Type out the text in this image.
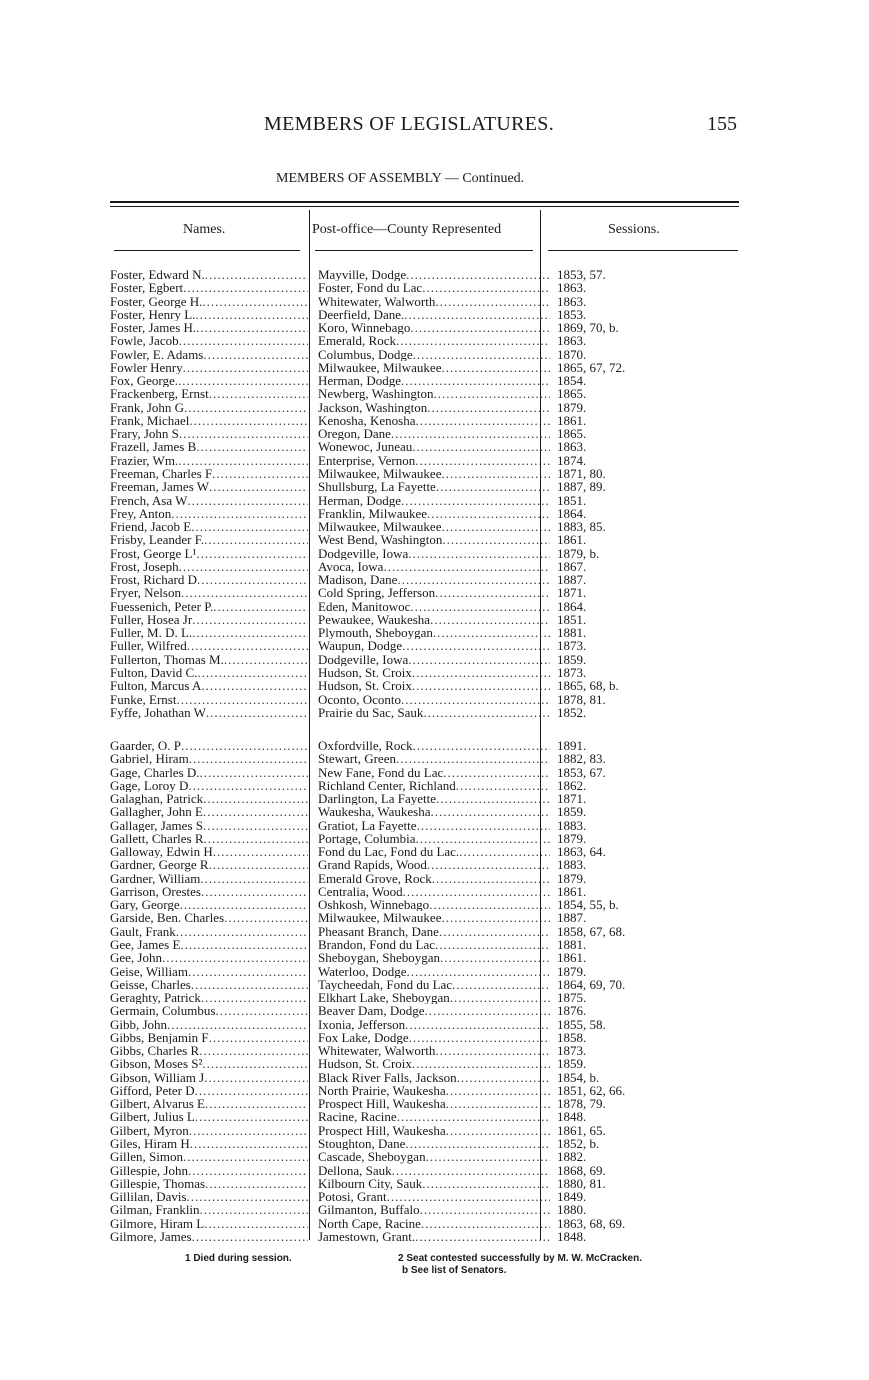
MEMBERS OF LEGISLATURES.	155
MEMBERS OF ASSEMBLY — Continued.
Names.	Post-office—County Represented	Sessions.
Foster, Edward N. .....	Mayville, Dodge .....	1853, 57.
Foster, Egbert .....	Foster, Fond du Lac .....	1863.
Foster, George H. .....	Whitewater, Walworth .....	1863.
Foster, Henry L. .....	Deerfield, Dane. .....	1853.
Foster, James H. .....	Koro, Winnebago .....	1869, 70, b.
Fowle, Jacob .....	Emerald, Rock .....	1863.
Fowler, E. Adams .....	Columbus, Dodge .....	1870.
Fowler Henry .....	Milwaukee, Milwaukee .....	1865, 67, 72.
Fox, George. .....	Herman, Dodge .....	1854.
Frackenberg, Ernst .....	Newberg, Washington .....	1865.
Frank, John G .....	Jackson, Washington .....	1879.
Frank, Michael .....	Kenosha, Kenosha .....	1861.
Frary, John S .....	Oregon, Dane .....	1865.
Frazell, James B .....	Wonewoc, Juneau .....	1863.
Frazier, Wm. .....	Enterprise, Vernon .....	1874.
Freeman, Charles F .....	Milwaukee, Milwaukee .....	1871, 80.
Freeman, James W .....	Shullsburg, La Fayette .....	1887, 89.
French, Asa W .....	Herman, Dodge .....	1851.
Frey, Anton .....	Franklin, Milwaukee .....	1864.
Friend, Jacob E .....	Milwaukee, Milwaukee .....	1883, 85.
Frisby, Leander F. .....	West Bend, Washington .....	1861.
Frost, George L¹ .....	Dodgeville, Iowa .....	1879, b.
Frost, Joseph .....	Avoca, Iowa .....	1867.
Frost, Richard D .....	Madison, Dane .....	1887.
Fryer, Nelson .....	Cold Spring, Jefferson .....	1871.
Fuessenich, Peter P. .....	Eden, Manitowoc .....	1864.
Fuller, Hosea Jr .....	Pewaukee, Waukesha .....	1851.
Fuller, M. D. L. .....	Plymouth, Sheboygan .....	1881.
Fuller, Wilfred .....	Waupun, Dodge .....	1873.
Fullerton, Thomas M. .....	Dodgeville, Iowa .....	1859.
Fulton, David C. .....	Hudson, St. Croix .....	1873.
Fulton, Marcus A .....	Hudson, St. Croix .....	1865, 68, b.
Funke, Ernst .....	Oconto, Oconto .....	1878, 81.
Fyffe, Johathan W .....	Prairie du Sac, Sauk .....	1852.
Gaarder, O. P .....	Oxfordville, Rock .....	1891.
Gabriel, Hiram .....	Stewart, Green .....	1882, 83.
Gage, Charles D. .....	New Fane, Fond du Lac .....	1853, 67.
Gage, Loroy D .....	Richland Center, Richland .....	1862.
Galaghan, Patrick .....	Darlington, La Fayette .....	1871.
Gallagher, John E .....	Waukesha, Waukesha .....	1859.
Gallager, James S .....	Gratiot, La Fayette .....	1883.
Gallett, Charles R .....	Portage, Columbia .....	1879.
Galloway, Edwin H .....	Fond du Lac, Fond du Lac. .....	1863, 64.
Gardner, George R .....	Grand Rapids, Wood .....	1883.
Gardner, William .....	Emerald Grove, Rock .....	1879.
Garrison, Orestes .....	Centralia, Wood .....	1861.
Gary, George .....	Oshkosh, Winnebago .....	1854, 55, b.
Garside, Ben. Charles .....	Milwaukee, Milwaukee .....	1887.
Gault, Frank .....	Pheasant Branch, Dane .....	1858, 67, 68.
Gee, James E .....	Brandon, Fond du Lac .....	1881.
Gee, John .....	Sheboygan, Sheboygan .....	1861.
Geise, William .....	Waterloo, Dodge .....	1879.
Geisse, Charles .....	Taycheedah, Fond du Lac .....	1864, 69, 70.
Geraghty, Patrick .....	Elkhart Lake, Sheboygan .....	1875.
Germain, Columbus .....	Beaver Dam, Dodge .....	1876.
Gibb, John .....	Ixonia, Jefferson .....	1855, 58.
Gibbs, Benjamin F .....	Fox Lake, Dodge .....	1858.
Gibbs, Charles R .....	Whitewater, Walworth .....	1873.
Gibson, Moses S² .....	Hudson, St. Croix .....	1859.
Gibson, William J .....	Black River Falls, Jackson .....	1854, b.
Gifford, Peter D .....	North Prairie, Waukesha .....	1851, 62, 66.
Gilbert, Alvarus E .....	Prospect Hill, Waukesha .....	1878, 79.
Gilbert, Julius L .....	Racine, Racine .....	1848.
Gilbert, Myron .....	Prospect Hill, Waukesha .....	1861, 65.
Giles, Hiram H .....	Stoughton, Dane .....	1852, b.
Gillen, Simon .....	Cascade, Sheboygan .....	1882.
Gillespie, John .....	Dellona, Sauk .....	1868, 69.
Gillespie, Thomas .....	Kilbourn City, Sauk .....	1880, 81.
Gillilan, Davis .....	Potosi, Grant .....	1849.
Gilman, Franklin .....	Gilmanton, Buffalo .....	1880.
Gilmore, Hiram L .....	North Cape, Racine .....	1863, 68, 69.
Gilmore, James .....	Jamestown, Grant. .....	1848.
1 Died during session.	2 Seat contested successfully by M. W. McCracken.
b See list of Senators.
